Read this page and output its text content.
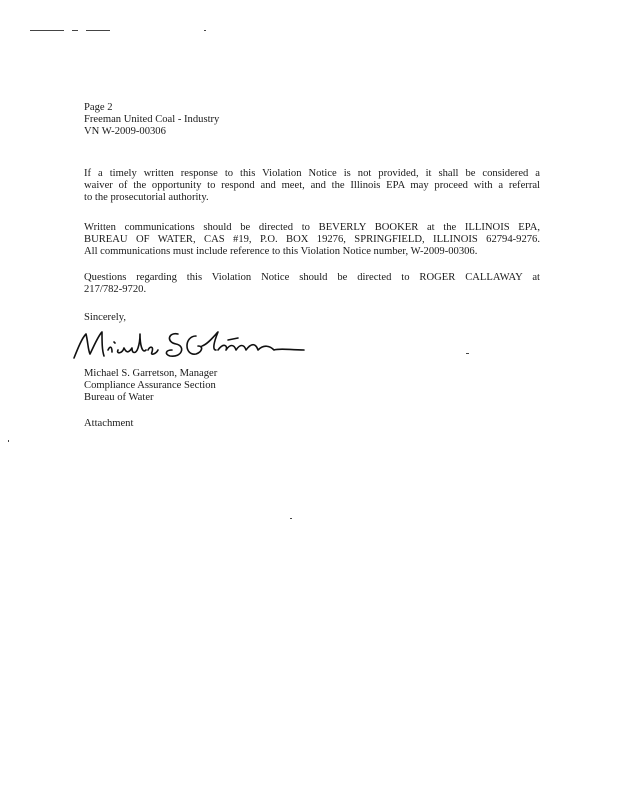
Page 2
Freeman United Coal - Industry
VN W-2009-00306
If a timely written response to this Violation Notice is not provided, it shall be considered a
waiver of the opportunity to respond and meet, and the Illinois EPA may proceed with a referral
to the prosecutorial authority.
Written communications should be directed to BEVERLY BOOKER at the ILLINOIS EPA,
BUREAU OF WATER, CAS #19, P.O. BOX 19276, SPRINGFIELD, ILLINOIS 62794-9276.
All communications must include reference to this Violation Notice number, W-2009-00306.
Questions regarding this Violation Notice should be directed to ROGER CALLAWAY at
217/782-9720.
Sincerely,
Michael S. Garretson, Manager
Compliance Assurance Section
Bureau of Water
Attachment
